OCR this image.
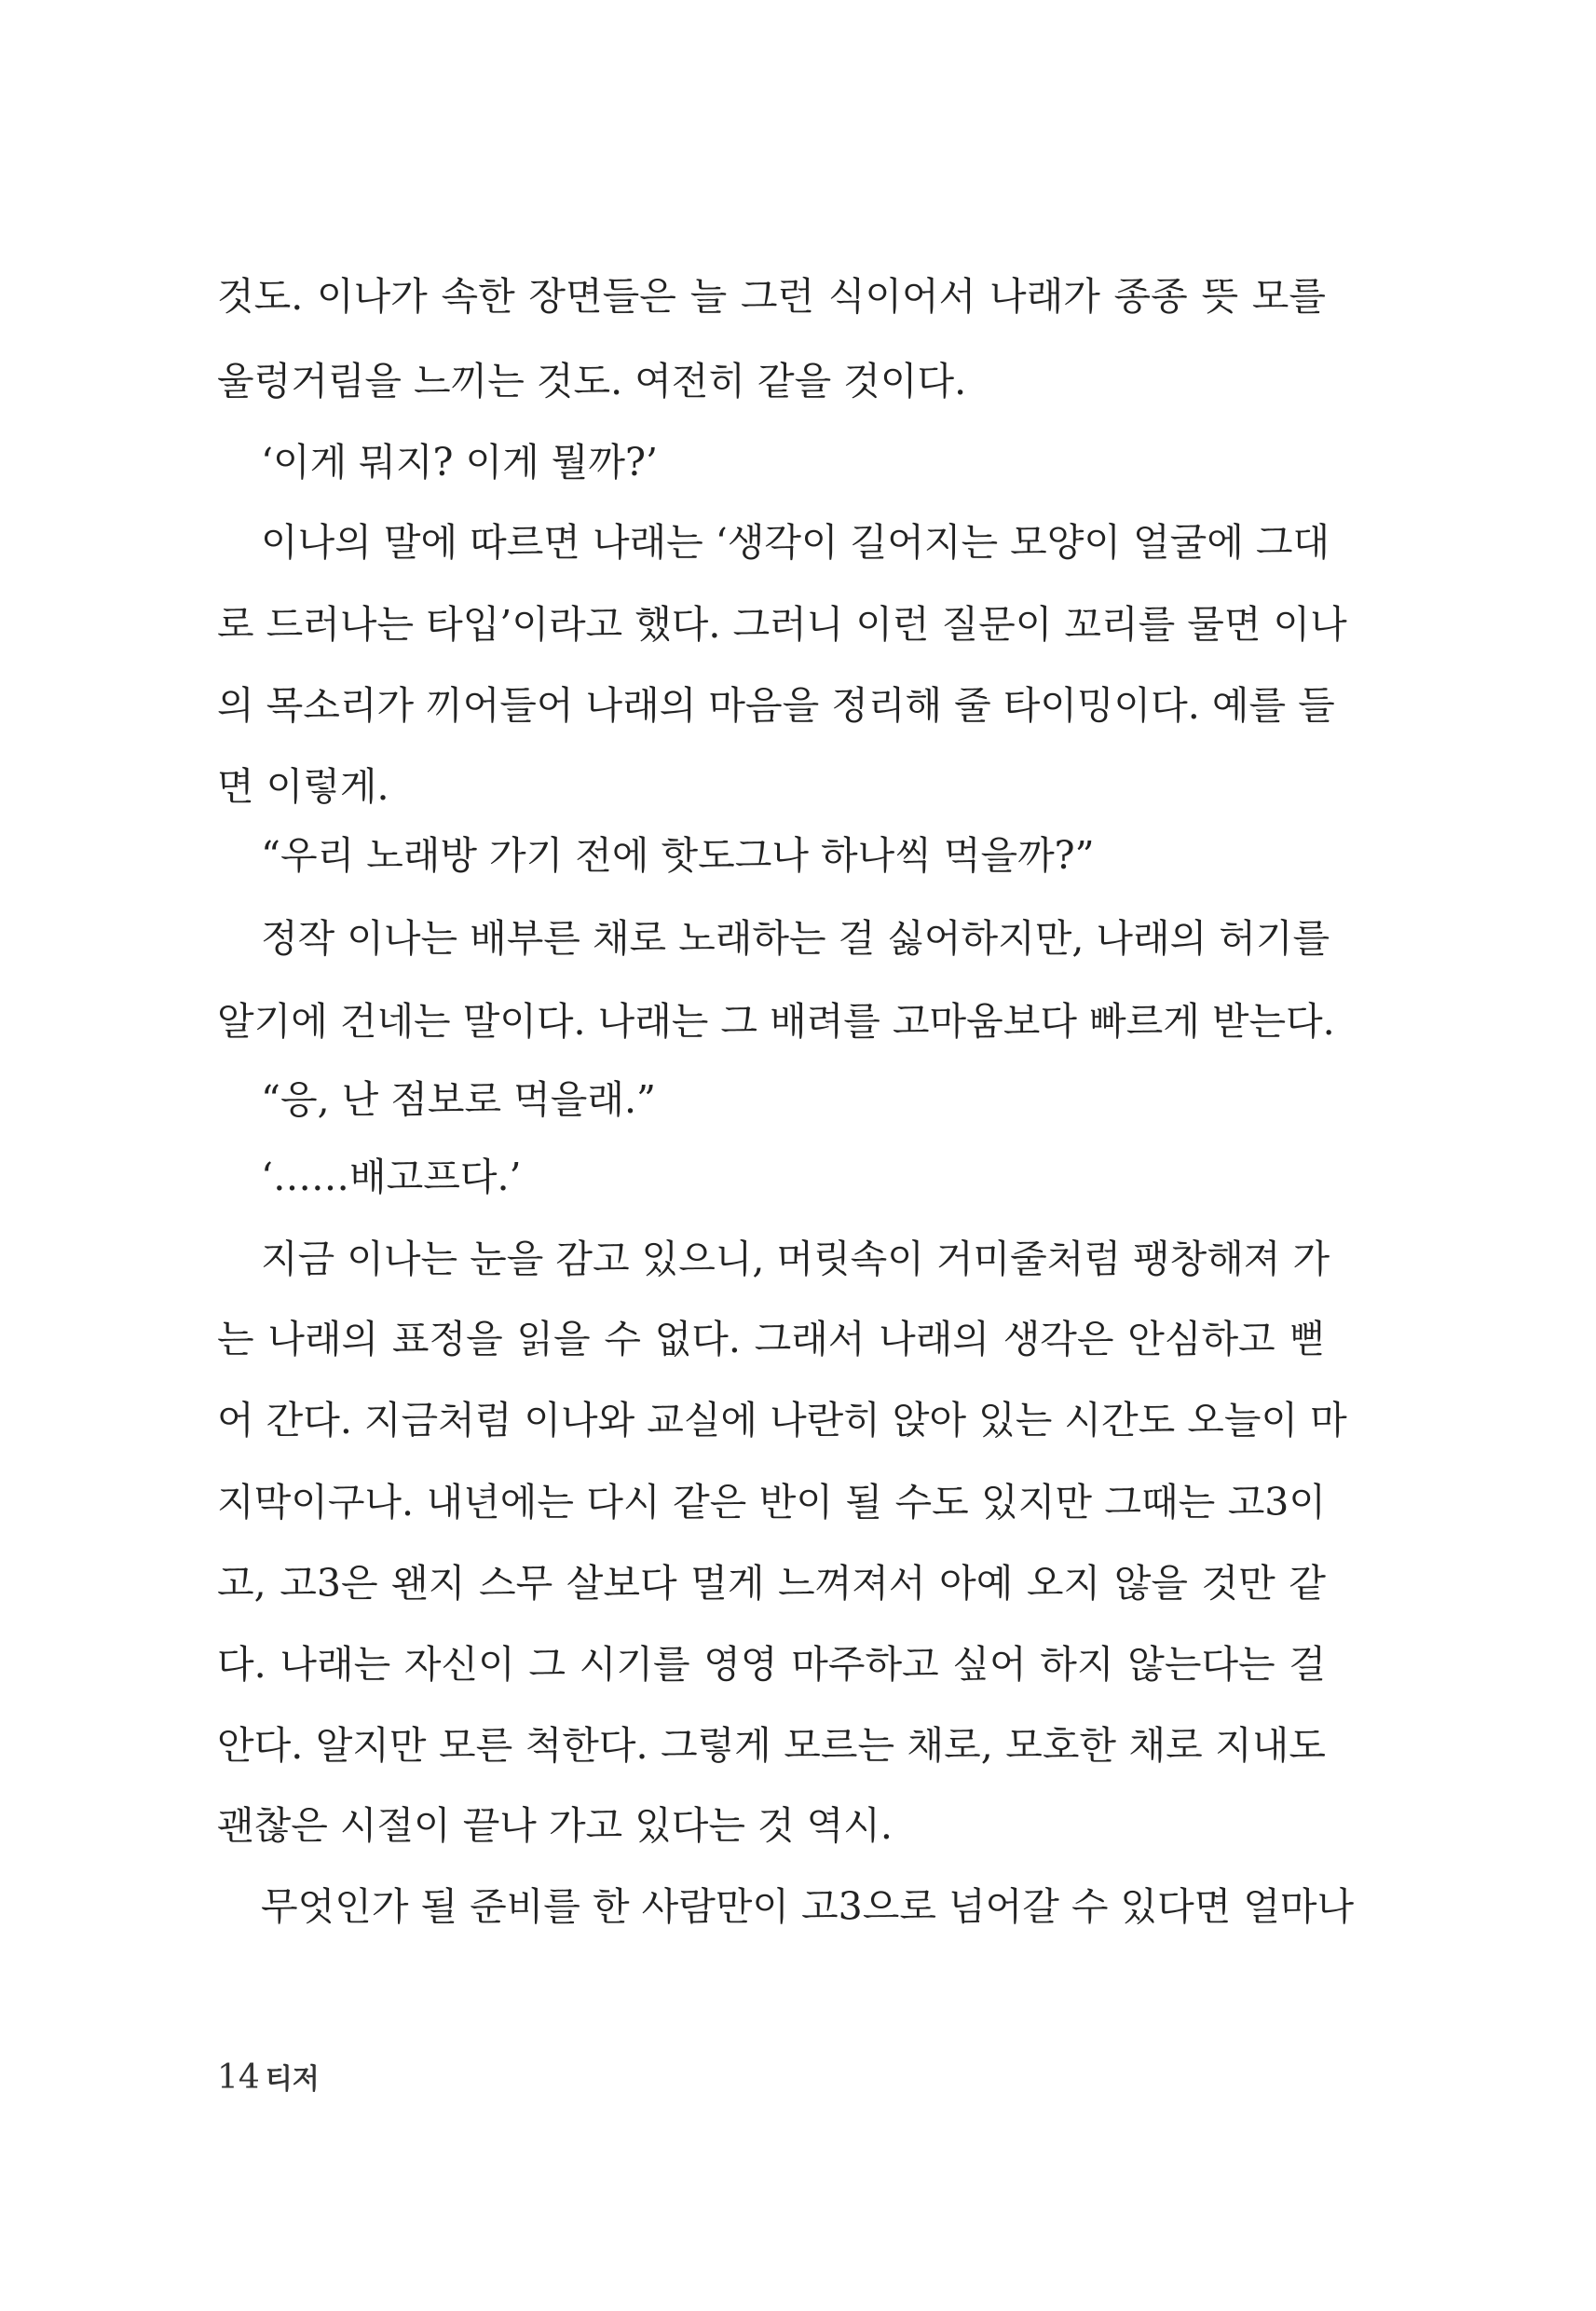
것도. 이나가 속한 장면들은 늘 그런 식이어서 나래가 종종 뜻 모를
울렁거림을 느끼는 것도. 여전히 같을 것이다.
‘이게 뭐지? 이게 뭘까?’
이나의 말에 따르면 나래는 ‘생각이 길어지는 모양이 얼굴에 그대
로 드러나는 타입’이라고 했다. 그러니 이런 질문이 꼬리를 물면 이나
의 목소리가 끼어들어 나래의 마음을 정리해 줄 타이밍이다. 예를 들
면 이렇게.
“우리 노래방 가기 전에 핫도그나 하나씩 먹을까?”
정작 이나는 배부른 채로 노래하는 걸 싫어하지만, 나래의 허기를
알기에 건네는 말이다. 나래는 그 배려를 고마움보다 빠르게 받는다.
“응, 난 점보로 먹을래.”
‘……배고프다.’
지금 이나는 눈을 감고 있으니, 머릿속이 거미줄처럼 팽창해져 가
는 나래의 표정을 읽을 수 없다. 그래서 나래의 생각은 안심하고 뻗
어 간다. 지금처럼 이나와 교실에 나란히 앉아 있는 시간도 오늘이 마
지막이구나. 내년에는 다시 같은 반이 될 수도 있지만 그때는 고3이
고, 고3은 왠지 스무 살보다 멀게 느껴져서 아예 오지 않을 것만 같
다. 나래는 자신이 그 시기를 영영 마주하고 싶어 하지 않는다는 걸
안다. 알지만 모른 척한다. 그렇게 모르는 채로, 모호한 채로 지내도
괜찮은 시절이 끝나 가고 있다는 것 역시.
무엇인가 될 준비를 한 사람만이 고3으로 넘어갈 수 있다면 얼마나
14 티저
